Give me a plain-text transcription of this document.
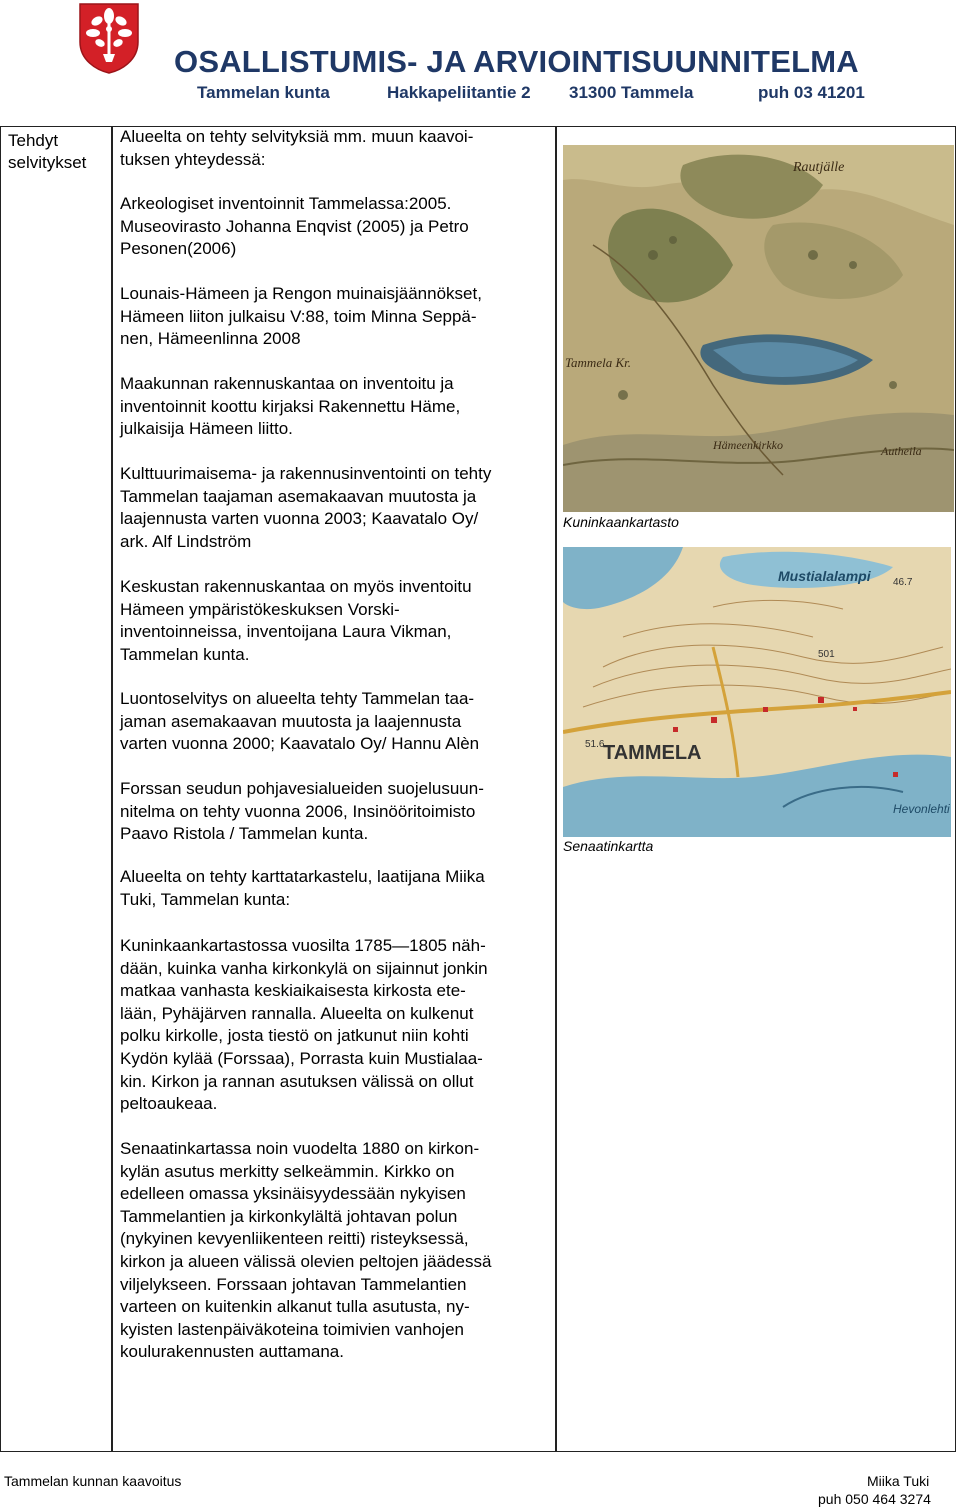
OSALLISTUMIS- JA ARVIOINTISUUNNITELMA
Tammelan kunta	Hakkapeliitantie 2 31300 Tammela	puh 03 41201
Tehdyt
selvitykset
Alueelta on tehty selvityksiä mm. muun kaavoi-
tuksen yhteydessä:
Arkeologiset inventoinnit Tammelassa:2005.
Museovirasto Johanna Enqvist (2005) ja Petro
Pesonen(2006)
Lounais-Hämeen ja Rengon muinaisjäännökset,
Hämeen liiton julkaisu V:88, toim Minna Seppä-
nen, Hämeenlinna 2008
Maakunnan rakennuskantaa on inventoitu ja
inventoinnit koottu kirjaksi Rakennettu Häme,
julkaisija Hämeen liitto.
Kulttuurimaisema- ja rakennusinventointi on tehty
Tammelan taajaman asemakaavan muutosta ja
laajennusta varten vuonna 2003; Kaavatalo Oy/
ark. Alf Lindström
Keskustan rakennuskantaa on myös inventoitu
Hämeen ympäristökeskuksen Vorski-
inventoinneissa, inventoijana Laura Vikman,
Tammelan kunta.
Luontoselvitys on alueelta tehty Tammelan taa-
jaman asemakaavan muutosta ja laajennusta
varten vuonna 2000; Kaavatalo Oy/ Hannu Alèn
Forssan seudun pohjavesialueiden suojelusuun-
nitelma on tehty vuonna 2006, Insinööritoimisto
Paavo Ristola / Tammelan kunta.
Alueelta on tehty karttatarkastelu, laatijana Miika
Tuki, Tammelan kunta:
Kuninkaankartastossa vuosilta 1785—1805 näh-
dään, kuinka vanha kirkonkylä on sijainnut jonkin
matkaa vanhasta keskiaikaisesta kirkosta ete-
lään, Pyhäjärven rannalla. Alueelta on kulkenut
polku kirkolle, josta tiestö on jatkunut niin kohti
Kydön kylää (Forssaa), Porrasta kuin Mustialaa-
kin. Kirkon ja rannan asutuksen välissä on ollut
peltoaukeaa.
Senaatinkartassa noin vuodelta 1880 on kirkon-
kylän asutus merkitty selkeämmin. Kirkko on
edelleen omassa yksinäisyydessään nykyisen
Tammelantien ja kirkonkylältä johtavan polun
(nykyinen kevyenliikenteen reitti) risteyksessä,
kirkon ja alueen välissä olevien peltojen jäädessä
viljelykseen. Forssaan johtavan Tammelantien
varteen on kuitenkin alkanut tulla asutusta, ny-
kyisten lastenpäiväkoteina toimivien vanhojen
koulurakennusten auttamana.
Rautjälle
Tammela Kr.
Hämeenkirkko	Autheila
Kuninkaankartasto
Mustialalampi
TAMMELA
Hevonlehti
46.7
501
51.6
Senaatinkartta
Tammelan kunnan kaavoitus	Miika Tuki
puh 050 464 3274
